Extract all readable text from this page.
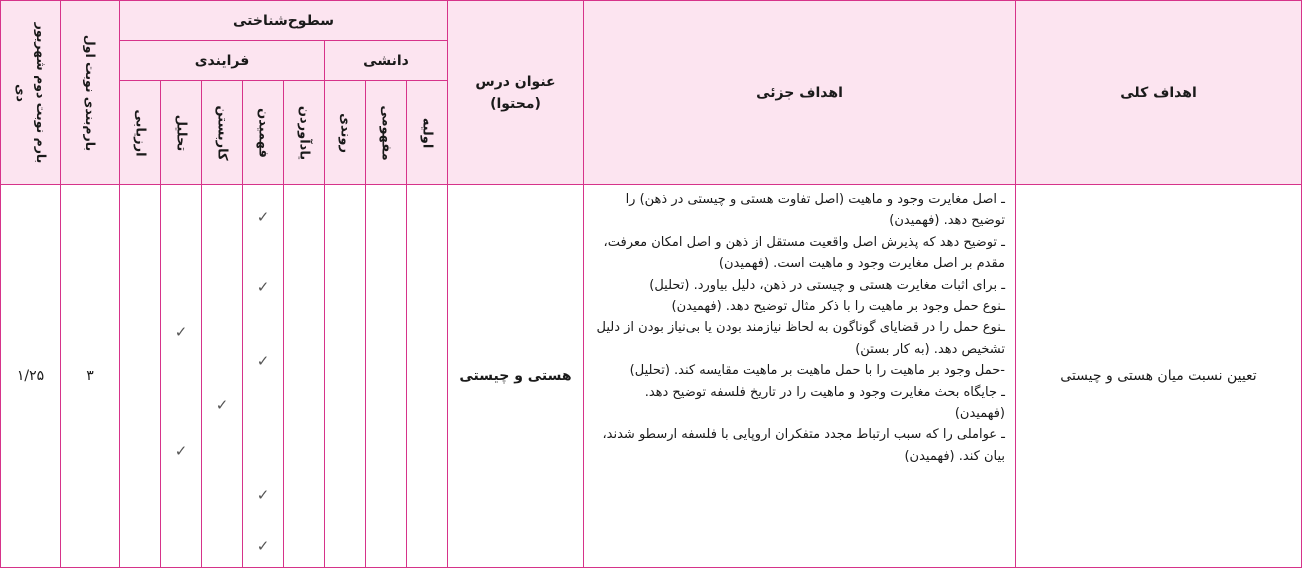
اهداف کلی
اهداف جزئی
عنوان درس
(محتوا)
سطوح‌شناختی
دانشی
فرایندی
اولیه
مفهومی
روندی
یادآوردن
فهمیدن
کاربستن
تحلیل
ارزیابی
بارم‌بندی نوبت اول
بارم نوبت دوم شهریور دی
تعیین نسبت میان هستی و چیستی
ـ اصل مغایرت وجود و ماهیت (اصل تفاوت هستی و چیستی در ذهن) را توضیح دهد. (فهمیدن)
ـ توضیح دهد که پذیرش اصل واقعیت مستقل از ذهن و اصل امکان معرفت، مقدم بر اصل مغایرت وجود و ماهیت است. (فهمیدن)
ـ برای اثبات مغایرت هستی و چیستی در ذهن، دلیل بیاورد. (تحلیل)
ـنوع حمل وجود بر ماهیت را با ذکر مثال توضیح دهد. (فهمیدن)
ـنوع حمل را در قضایای گوناگون به لحاظ نیازمند بودن یا بی‌نیاز بودن از دلیل تشخیص دهد. (به کار بستن)
-حمل وجود بر ماهیت را با حمل ماهیت بر ماهیت مقایسه کند. (تحلیل)
ـ جایگاه بحث مغایرت وجود و ماهیت را در تاریخ فلسفه توضیح دهد. (فهمیدن)
ـ عواملی را که سبب ارتباط مجدد متفکران اروپایی با فلسفه ارسطو شدند، بیان کند. (فهمیدن)
هستی و چیستی
۳
۱/۲۵
✓
✓
✓
✓
✓
✓
✓
✓
